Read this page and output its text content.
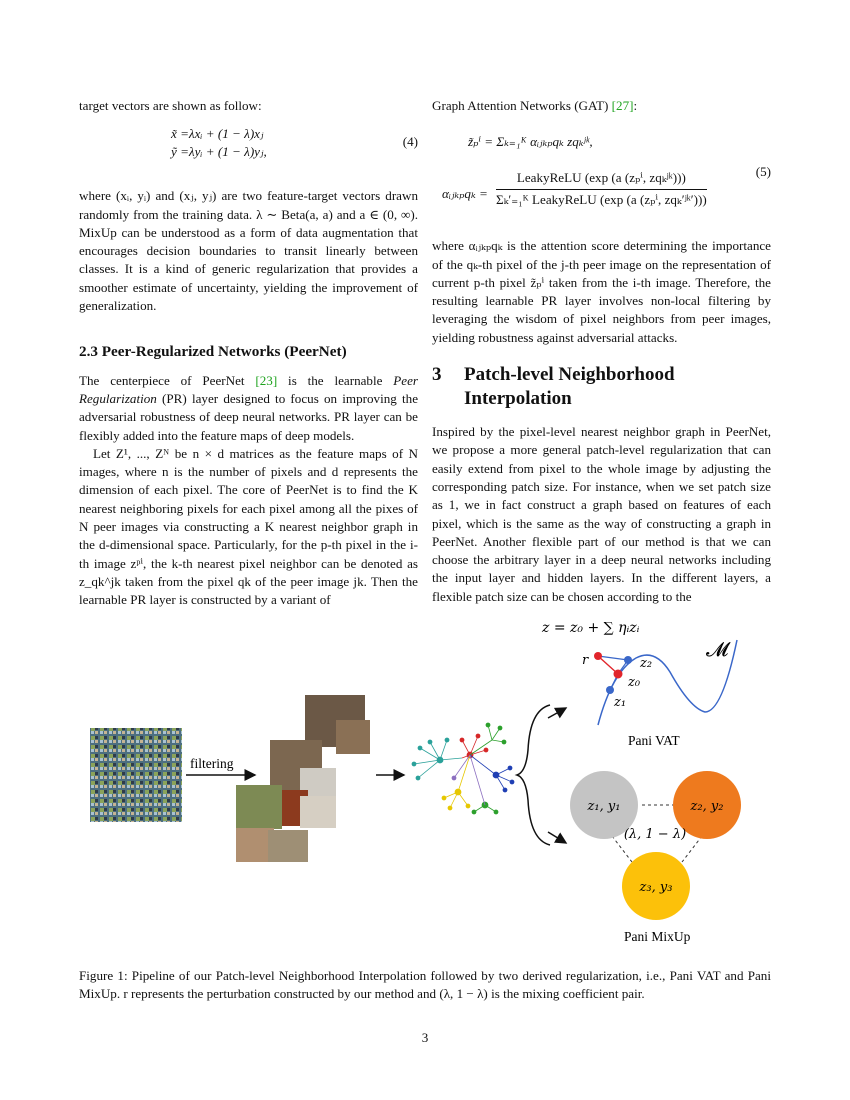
target vectors are shown as follow:

x̃ =λxᵢ + (1 − λ)xⱼ
ỹ =λyᵢ + (1 − λ)yⱼ,
(4)

where (xᵢ, yᵢ) and (xⱼ, yⱼ) are two feature-target vectors drawn randomly from the training data. λ ∼ Beta(a, a) and a ∈ (0, ∞). MixUp can be understood as a form of data augmentation that encourages decision boundaries to transit linearly between classes. It is a kind of generic regularization that provides a smoother estimate of uncertainty, yielding the improvement of generalization.

2.3 Peer-Regularized Networks (PeerNet)

The centerpiece of PeerNet [23] is the learnable Peer Regularization (PR) layer designed to focus on improving the adversarial robustness of deep neural networks. PR layer can be flexibly added into the feature maps of deep models.

Let Z¹, ..., Zᴺ be n × d matrices as the feature maps of N images, where n is the number of pixels and d represents the dimension of each pixel. The core of PeerNet is to find the K nearest neighboring pixels for each pixel among all the pixes of N peer images via constructing a K nearest neighbor graph in the d-dimensional space. Particularly, for the p-th pixel in the i-th image zᵖⁱ, the k-th nearest pixel neighbor can be denoted as z_qk^jk taken from the pixel qk of the peer image jk. Then the learnable PR layer is constructed by a variant of

Graph Attention Networks (GAT) [27]:

z̃ₚⁱ = Σₖ₌₁ᴷ αᵢⱼₖₚqₖ zqₖʲᵏ,
αᵢⱼₖₚqₖ =
LeakyReLU (exp (a (zₚⁱ, zqₖʲᵏ)))
Σₖ′₌₁ᴷ LeakyReLU (exp (a (zₚⁱ, zqₖ′ʲᵏ′)))
(5)

where αᵢⱼₖₚqₖ is the attention score determining the importance of the qₖ-th pixel of the j-th peer image on the representation of current p-th pixel z̃ₚⁱ taken from the i-th image. Therefore, the resulting learnable PR layer involves non-local filtering by leveraging the wisdom of pixel neighbors from peer images, yielding robustness against adversarial attacks.

3 Patch-level Neighborhood Interpolation

Inspired by the pixel-level nearest neighbor graph in PeerNet, we propose a more general patch-level regularization that can easily extend from pixel to the whole image by adjusting the corresponding patch size. For instance, when we set patch size as 1, we in fact construct a graph based on features of each pixel, which is the same as the way of constructing a graph in PeerNet. Another flexible part of our method is that we can choose the arbitrary layer in a deep neural networks including the input layer and hidden layers. In the different layers, a flexible patch size can be chosen according to the

filtering
z = z₀ + ∑ ηᵢzᵢ
𝓜
r	z₂
z₀
z₁
Pani VAT
z₁, y₁	z₂, y₂
z₃, y₃
(λ, 1 − λ)
Pani MixUp

Figure 1: Pipeline of our Patch-level Neighborhood Interpolation followed by two derived regularization, i.e., Pani VAT and Pani MixUp. r represents the perturbation constructed by our method and (λ, 1 − λ) is the mixing coefficient pair.

3
